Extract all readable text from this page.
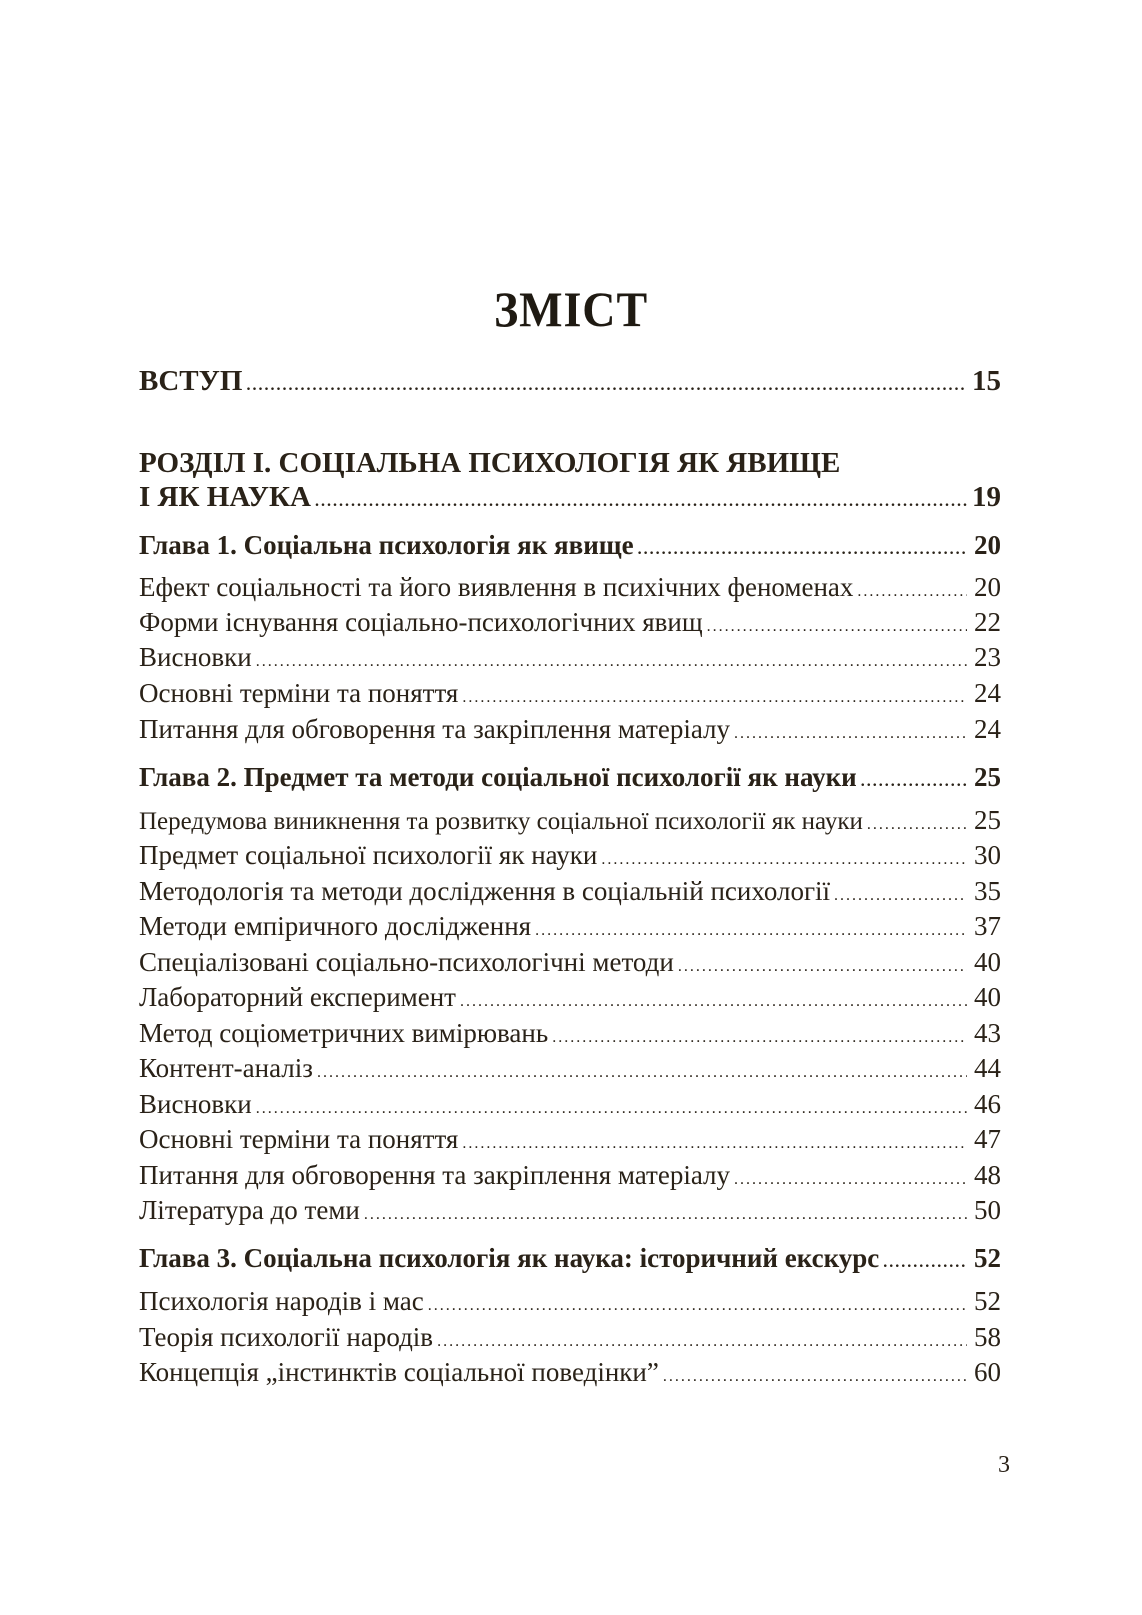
ЗМІСТ
ВСТУП .....	15
РОЗДІЛ І. СОЦІАЛЬНА ПСИХОЛОГІЯ ЯК ЯВИЩЕ
І ЯК НАУКА .....	19
Глава 1. Соціальна психологія як явище .....	20
Ефект соціальності та його виявлення в психічних феноменах .....	20
Форми існування соціально-психологічних явищ .....	22
Висновки .....	23
Основні терміни та поняття .....	24
Питання для обговорення та закріплення матеріалу .....	24
Глава 2. Предмет та методи соціальної психології як науки .....	25
Передумова виникнення та розвитку соціальної психології як науки .....	25
Предмет соціальної психології як науки .....	30
Методологія та методи дослідження в соціальній психології .....	35
Методи емпіричного дослідження .....	37
Спеціалізовані соціально-психологічні методи .....	40
Лабораторний експеримент .....	40
Метод соціометричних вимірювань .....	43
Контент-аналіз .....	44
Висновки .....	46
Основні терміни та поняття .....	47
Питання для обговорення та закріплення матеріалу .....	48
Література до теми .....	50
Глава 3. Соціальна психологія як наука: історичний екскурс .....	52
Психологія народів і мас .....	52
Теорія психології народів .....	58
Концепція „інстинктів соціальної поведінки” .....	60
3
